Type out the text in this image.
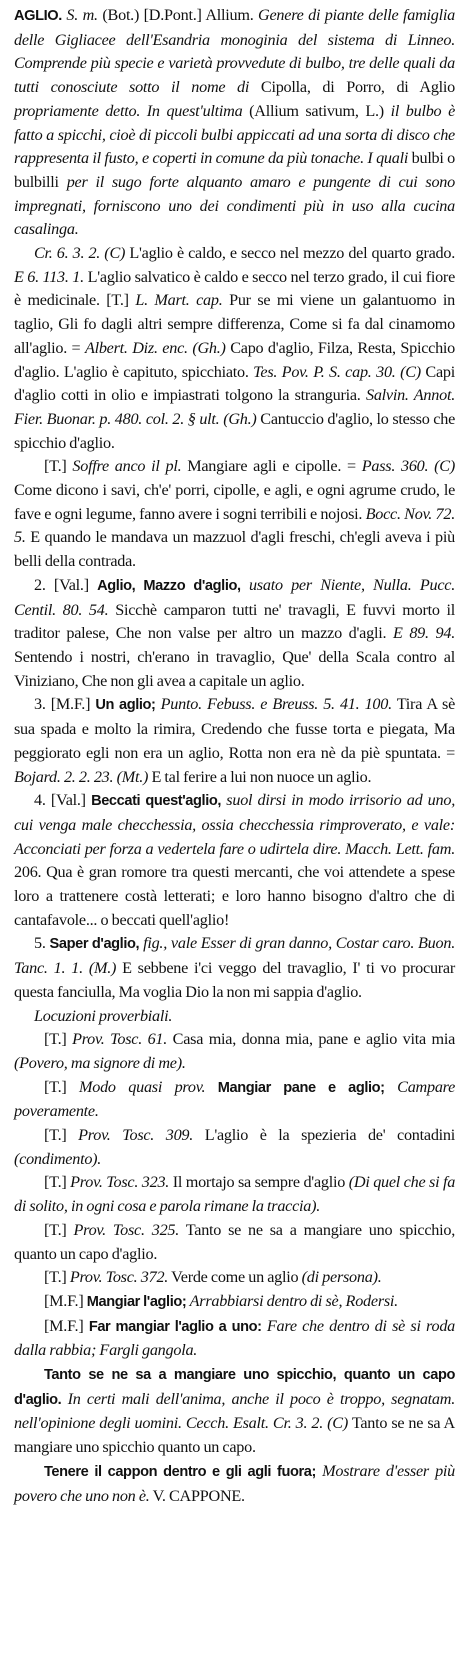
AGLIO. S. m. (Bot.) [D.Pont.] Allium. Genere di piante delle famiglia delle Gigliacee dell'Esandria monoginia del sistema di Linneo. Comprende più specie e varietà provvedute di bulbo, tre delle quali da tutti conosciute sotto il nome di Cipolla, di Porro, di Aglio propriamente detto. In quest'ultima (Allium sativum, L.) il bulbo è fatto a spicchi, cioè di piccoli bulbi appiccati ad una sorta di disco che rappresenta il fusto, e coperti in comune da più tonache. I quali bulbi o bulbilli per il sugo forte alquanto amaro e pungente di cui sono impregnati, forniscono uno dei condimenti più in uso alla cucina casalinga.

Cr. 6. 3. 2. (C) L'aglio è caldo, e secco nel mezzo del quarto grado. E 6. 113. 1. L'aglio salvatico è caldo e secco nel terzo grado, il cui fiore è medicinale. [T.] L. Mart. cap. Pur se mi viene un galantuomo in taglio, Gli fo dagli altri sempre differenza, Come si fa dal cinamomo all'aglio. = Albert. Diz. enc. (Gh.) Capo d'aglio, Filza, Resta, Spicchio d'aglio. L'aglio è capituto, spicchiato. Tes. Pov. P. S. cap. 30. (C) Capi d'aglio cotti in olio e impiastrati tolgono la stranguria. Salvin. Annot. Fier. Buonar. p. 480. col. 2. § ult. (Gh.) Cantuccio d'aglio, lo stesso che spicchio d'aglio.

[T.] Soffre anco il pl. Mangiare agli e cipolle. = Pass. 360. (C) Come dicono i savi, ch'e' porri, cipolle, e agli, e ogni agrume crudo, le fave e ogni legume, fanno avere i sogni terribili e nojosi. Bocc. Nov. 72. 5. E quando le mandava un mazzuol d'agli freschi, ch'egli aveva i più belli della contrada.

2. [Val.] Aglio, Mazzo d'aglio, usato per Niente, Nulla. Pucc. Centil. 80. 54. Sicchè camparon tutti ne' travagli, E fuvvi morto il traditor palese, Che non valse per altro un mazzo d'agli. E 89. 94. Sentendo i nostri, ch'erano in travaglio, Que' della Scala contro al Viniziano, Che non gli avea a capitale un aglio.

3. [M.F.] Un aglio; Punto. Febuss. e Breuss. 5. 41. 100. Tira A sè sua spada e molto la rimira, Credendo che fusse torta e piegata, Ma peggiorato egli non era un aglio, Rotta non era nè da piè spuntata. = Bojard. 2. 2. 23. (Mt.) E tal ferire a lui non nuoce un aglio.

4. [Val.] Beccati quest'aglio, suol dirsi in modo irrisorio ad uno, cui venga male checchessia, ossia checchessia rimproverato, e vale: Acconciati per forza a vedertela fare o udirtela dire. Macch. Lett. fam. 206. Qua è gran romore tra questi mercanti, che voi attendete a spese loro a trattenere costà letterati; e loro hanno bisogno d'altro che di cantafavole... o beccati quell'aglio!

5. Saper d'aglio, fig., vale Esser di gran danno, Costar caro. Buon. Tanc. 1. 1. (M.) E sebbene i'ci veggo del travaglio, I' ti vo procurar questa fanciulla, Ma voglia Dio la non mi sappia d'aglio.

Locuzioni proverbiali.

[T.] Prov. Tosc. 61. Casa mia, donna mia, pane e aglio vita mia (Povero, ma signore di me).

[T.] Modo quasi prov. Mangiar pane e aglio; Campare poveramente.

[T.] Prov. Tosc. 309. L'aglio è la spezieria de' contadini (condimento).

[T.] Prov. Tosc. 323. Il mortajo sa sempre d'aglio (Di quel che si fa di solito, in ogni cosa e parola rimane la traccia).

[T.] Prov. Tosc. 325. Tanto se ne sa a mangiare uno spicchio, quanto un capo d'aglio.

[T.] Prov. Tosc. 372. Verde come un aglio (di persona).

[M.F.] Mangiar l'aglio; Arrabbiarsi dentro di sè, Rodersi.

[M.F.] Far mangiar l'aglio a uno: Fare che dentro di sè si roda dalla rabbia; Fargli gangola.

Tanto se ne sa a mangiare uno spicchio, quanto un capo d'aglio. In certi mali dell'anima, anche il poco è troppo, segnatam. nell'opinione degli uomini. Cecch. Esalt. Cr. 3. 2. (C) Tanto se ne sa A mangiare uno spicchio quanto un capo.

Tenere il cappon dentro e gli agli fuora; Mostrare d'esser più povero che uno non è. V. CAPPONE.
